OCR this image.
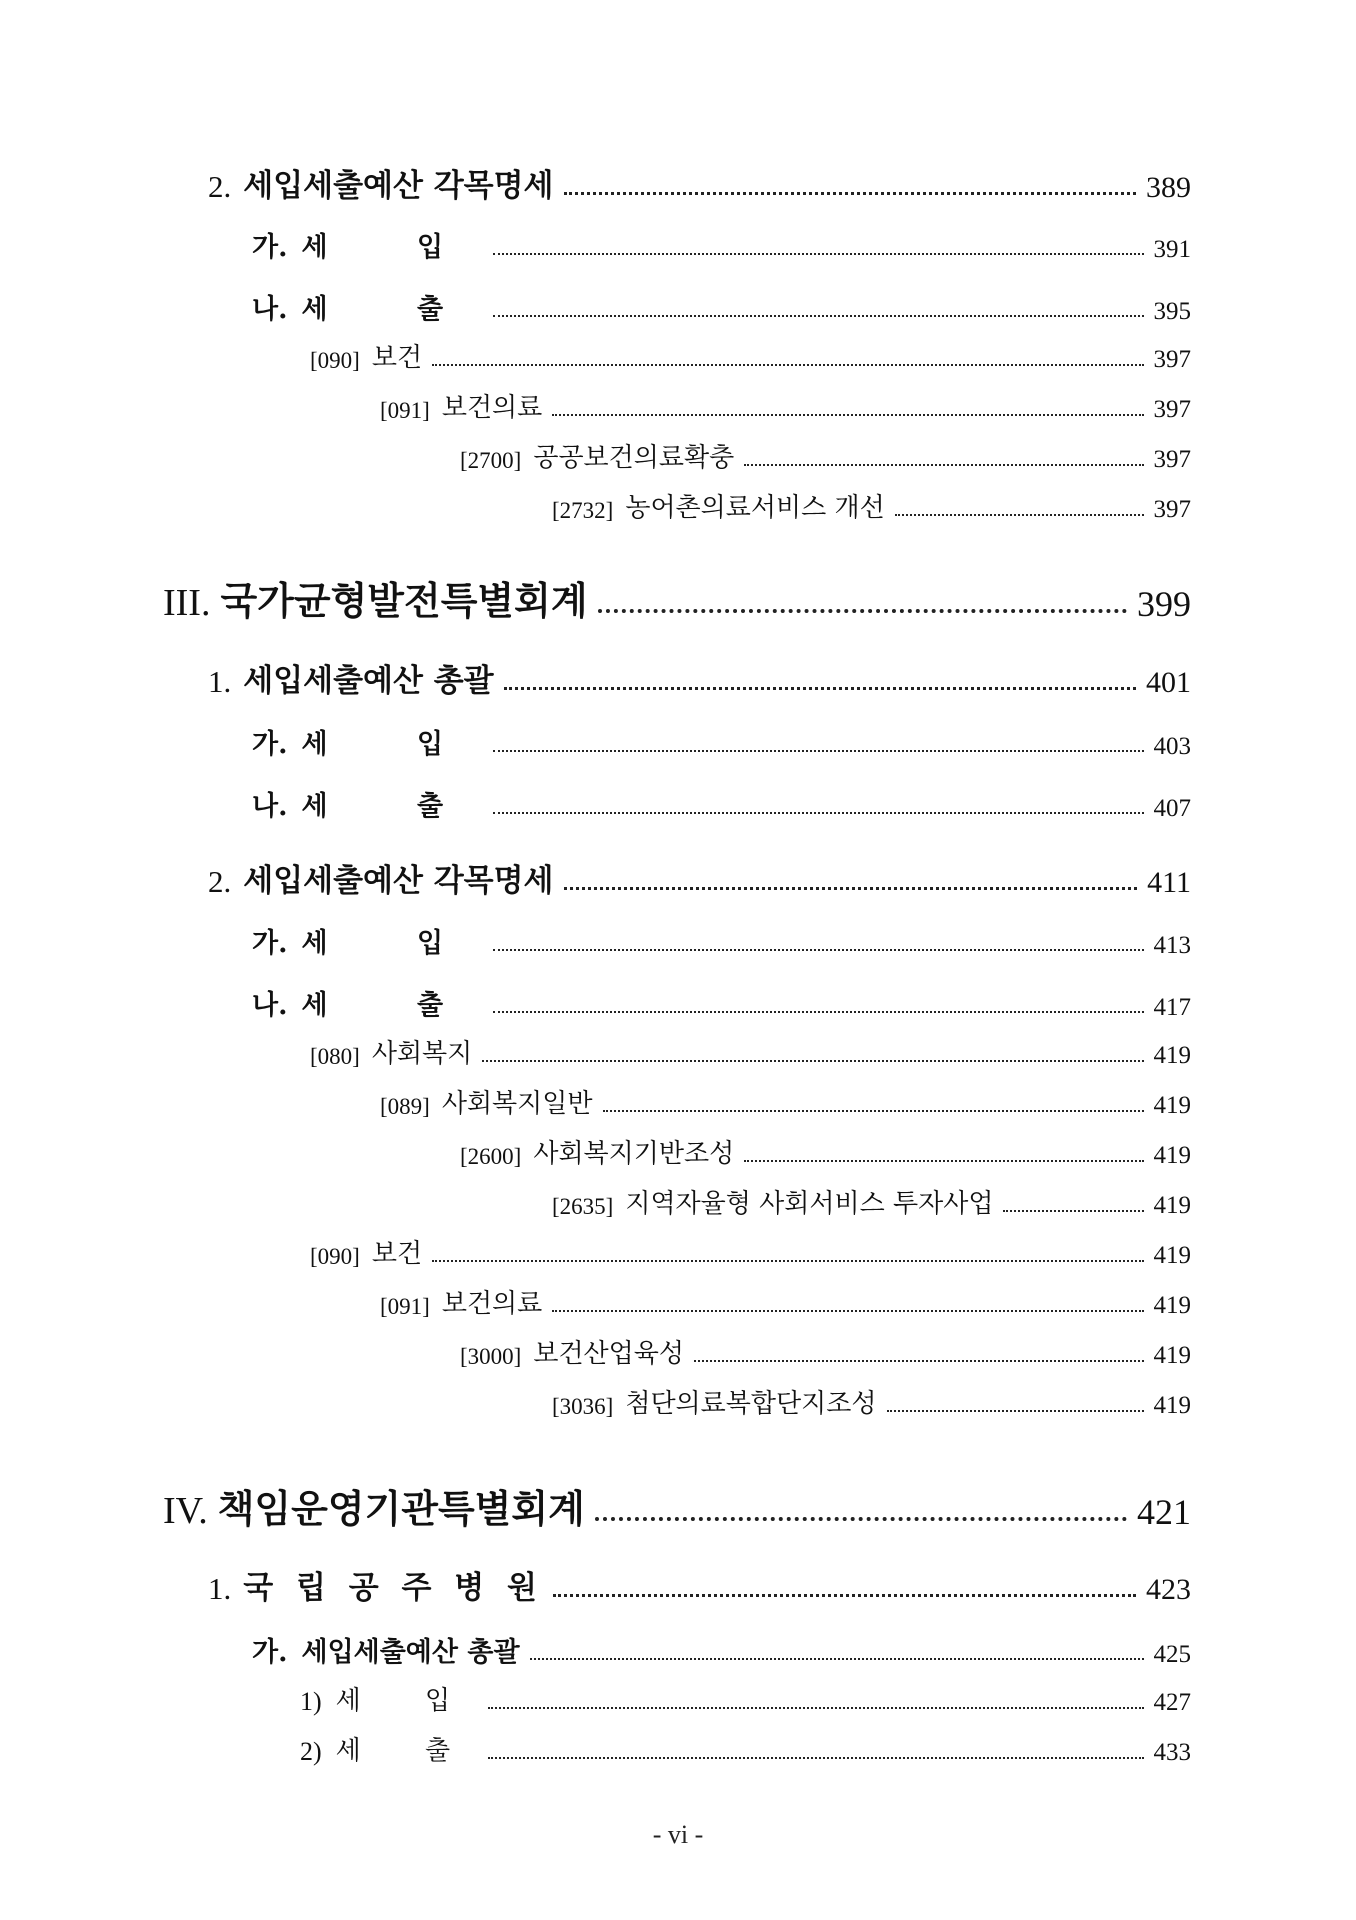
2. 세입세출예산 각목명세	389
가. 세 입	391
나. 세 출	395
[090] 보건	397
[091] 보건의료	397
[2700] 공공보건의료확충	397
[2732] 농어촌의료서비스 개선	397
III. 국가균형발전특별회계	399
1. 세입세출예산 총괄	401
가. 세 입	403
나. 세 출	407
2. 세입세출예산 각목명세	411
가. 세 입	413
나. 세 출	417
[080] 사회복지	419
[089] 사회복지일반	419
[2600] 사회복지기반조성	419
[2635] 지역자율형 사회서비스 투자사업	419
[090] 보건	419
[091] 보건의료	419
[3000] 보건산업육성	419
[3036] 첨단의료복합단지조성	419
IV. 책임운영기관특별회계	421
1. 국 립 공 주 병 원	423
가. 세입세출예산 총괄	425
1) 세 입	427
2) 세 출	433
- vi -
